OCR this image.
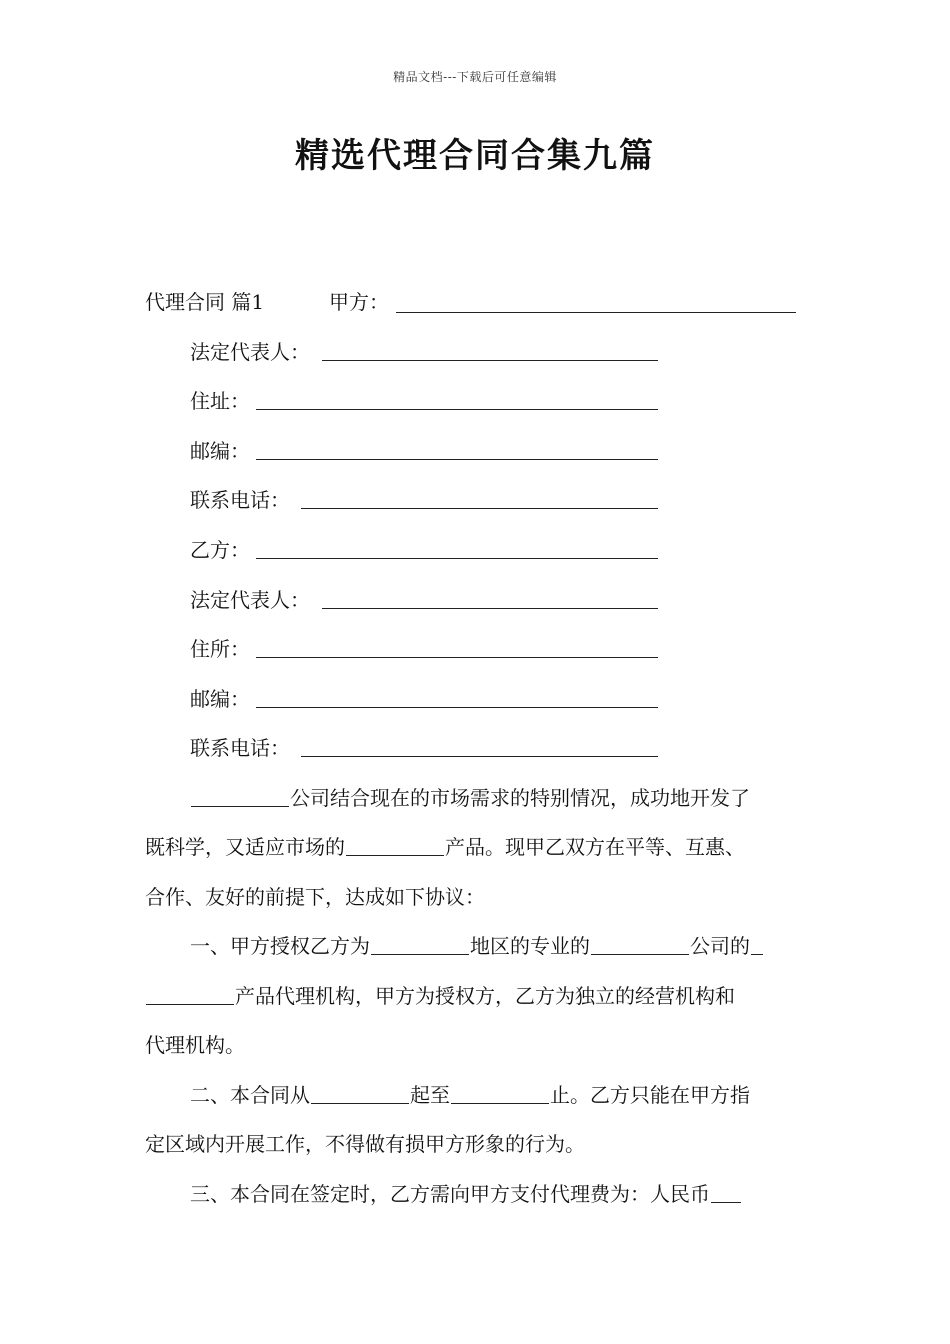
精品文档---下载后可任意编辑
精选代理合同合集九篇
代理合同 篇1	甲方：
法定代表人：
住址：
邮编：
联系电话：
乙方：
法定代表人：
住所：
邮编：
联系电话：
公司结合现在的市场需求的特别情况，成功地开发了
既科学，又适应市场的	产品。现甲乙双方在平等、互惠、
合作、友好的前提下，达成如下协议：
一、甲方授权乙方为	地区的专业的	公司的
产品代理机构，甲方为授权方，乙方为独立的经营机构和
代理机构。
二、本合同从	起至	止。乙方只能在甲方指
定区域内开展工作，不得做有损甲方形象的行为。
三、本合同在签定时，乙方需向甲方支付代理费为：人民币
